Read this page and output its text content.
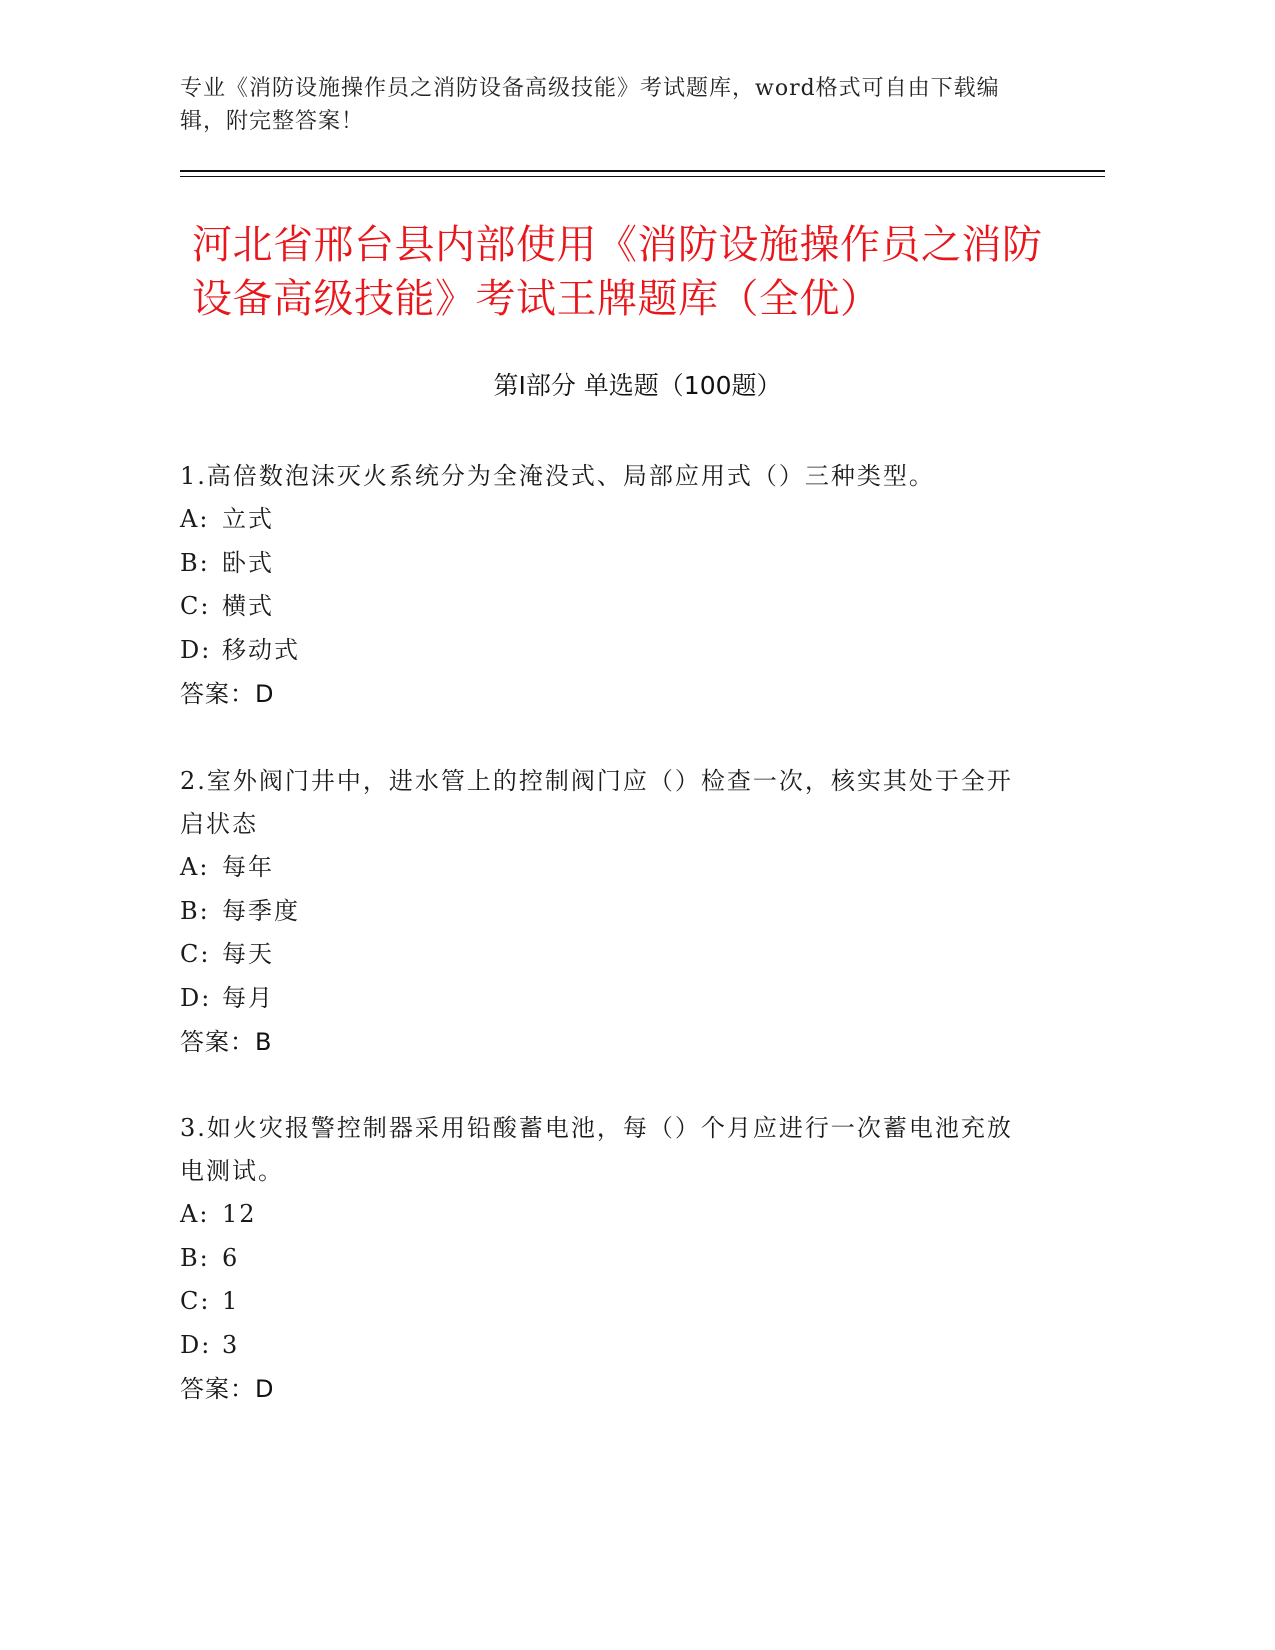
专业《消防设施操作员之消防设备高级技能》考试题库，word格式可自由下载编辑，附完整答案！
河北省邢台县内部使用《消防设施操作员之消防设备高级技能》考试王牌题库（全优）
第I部分 单选题（100题）
1.高倍数泡沫灭火系统分为全淹没式、局部应用式（）三种类型。
A: 立式
B: 卧式
C: 横式
D: 移动式
答案：D
2.室外阀门井中，进水管上的控制阀门应（）检查一次，核实其处于全开启状态
A: 每年
B: 每季度
C: 每天
D: 每月
答案：B
3.如火灾报警控制器采用铅酸蓄电池，每（）个月应进行一次蓄电池充放电测试。
A: 12
B: 6
C: 1
D: 3
答案：D
